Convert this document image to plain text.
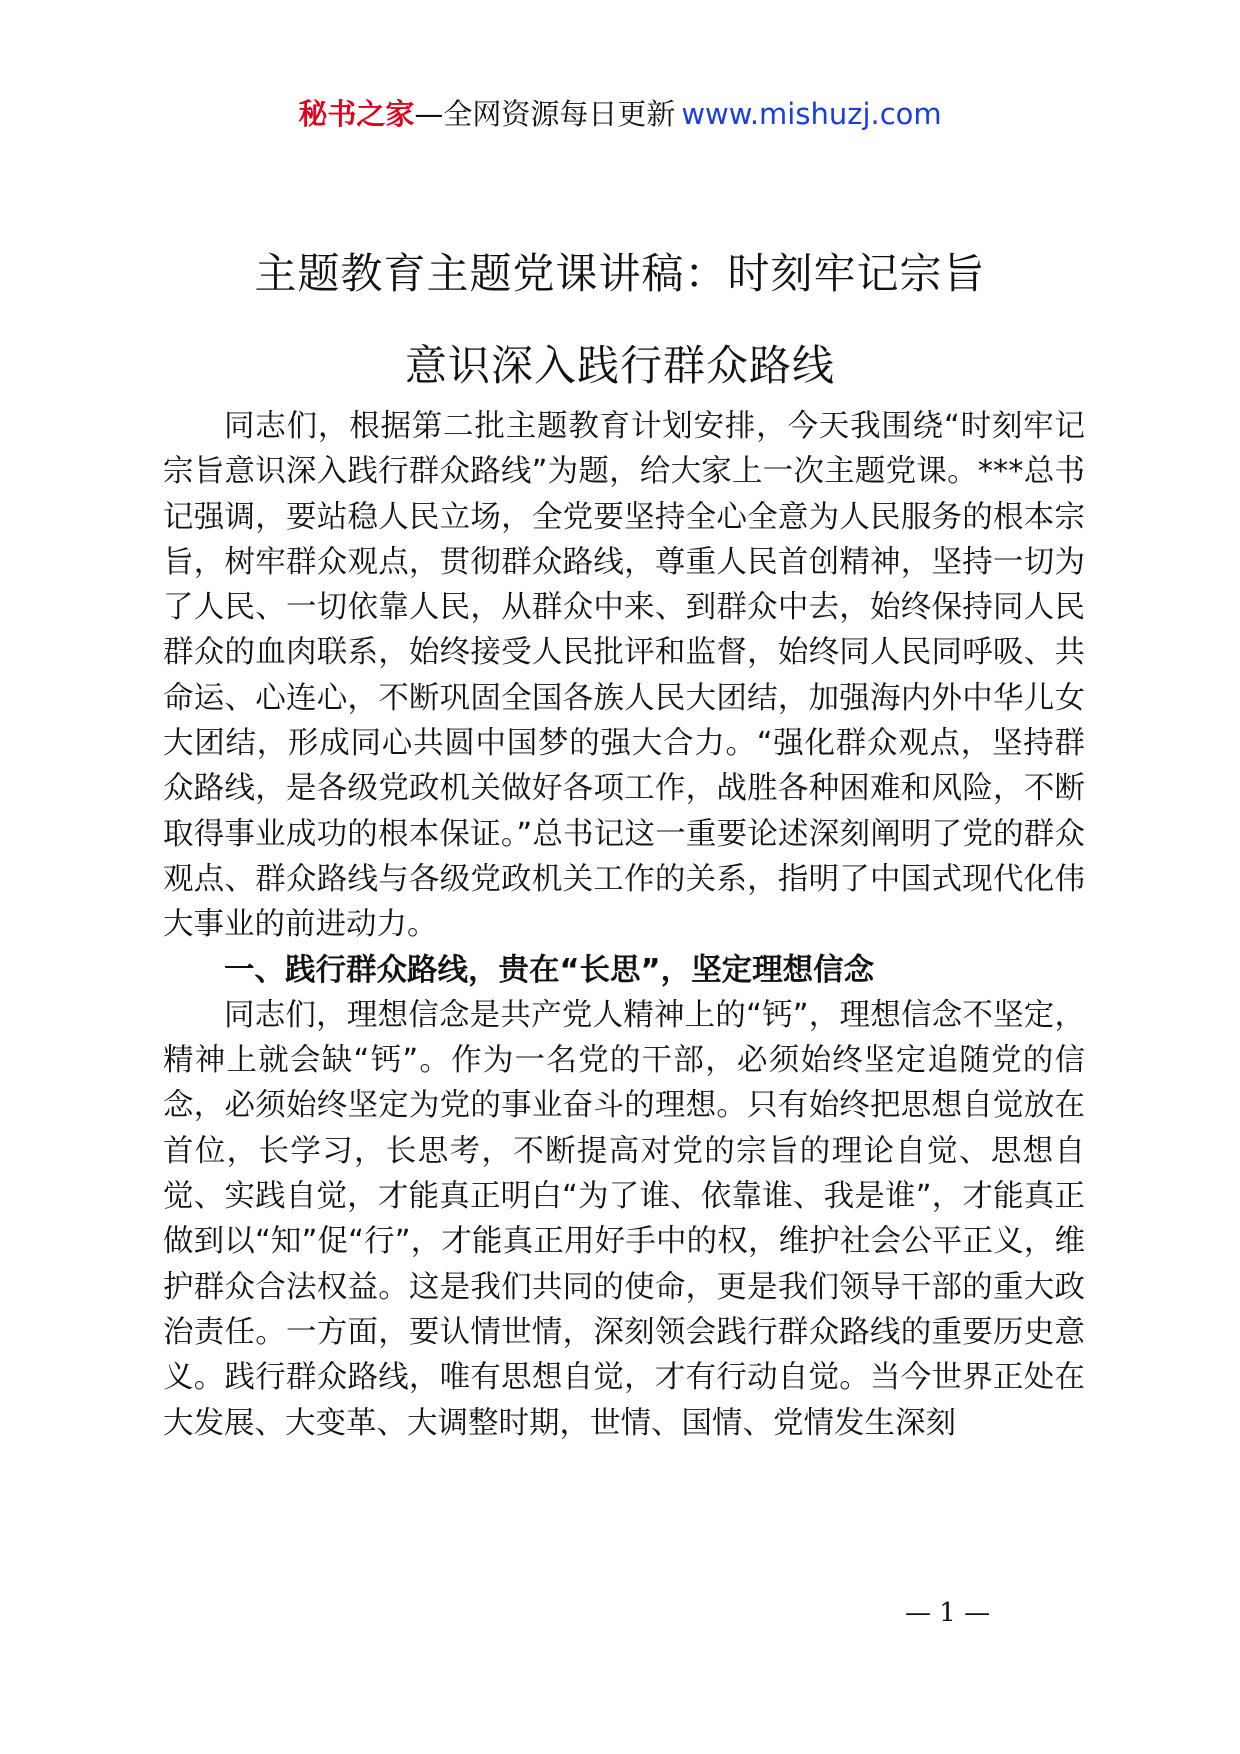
秘书之家—全网资源每日更新 www.mishuzj.com
主题教育主题党课讲稿：时刻牢记宗旨
意识深入践行群众路线

同志们，根据第二批主题教育计划安排，今天我围绕“时刻牢记宗旨意识深入践行群众路线”为题，给大家上一次主题党课。***总书记强调，要站稳人民立场，全党要坚持全心全意为人民服务的根本宗旨，树牢群众观点，贯彻群众路线，尊重人民首创精神，坚持一切为了人民、一切依靠人民，从群众中来、到群众中去，始终保持同人民群众的血肉联系，始终接受人民批评和监督，始终同人民同呼吸、共命运、心连心，不断巩固全国各族人民大团结，加强海内外中华儿女大团结，形成同心共圆中国梦的强大合力。“强化群众观点，坚持群众路线，是各级党政机关做好各项工作，战胜各种困难和风险，不断取得事业成功的根本保证。”总书记这一重要论述深刻阐明了党的群众观点、群众路线与各级党政机关工作的关系，指明了中国式现代化伟大事业的前进动力。

一、践行群众路线，贵在“长思”，坚定理想信念

同志们，理想信念是共产党人精神上的“钙”，理想信念不坚定，精神上就会缺“钙”。作为一名党的干部，必须始终坚定追随党的信念，必须始终坚定为党的事业奋斗的理想。只有始终把思想自觉放在首位，长学习，长思考，不断提高对党的宗旨的理论自觉、思想自觉、实践自觉，才能真正明白“为了谁、依靠谁、我是谁”，才能真正做到以“知”促“行”，才能真正用好手中的权，维护社会公平正义，维护群众合法权益。这是我们共同的使命，更是我们领导干部的重大政治责任。一方面，要认情世情，深刻领会践行群众路线的重要历史意义。践行群众路线，唯有思想自觉，才有行动自觉。当今世界正处在大发展、大变革、大调整时期，世情、国情、党情发生深刻

— 1 —
